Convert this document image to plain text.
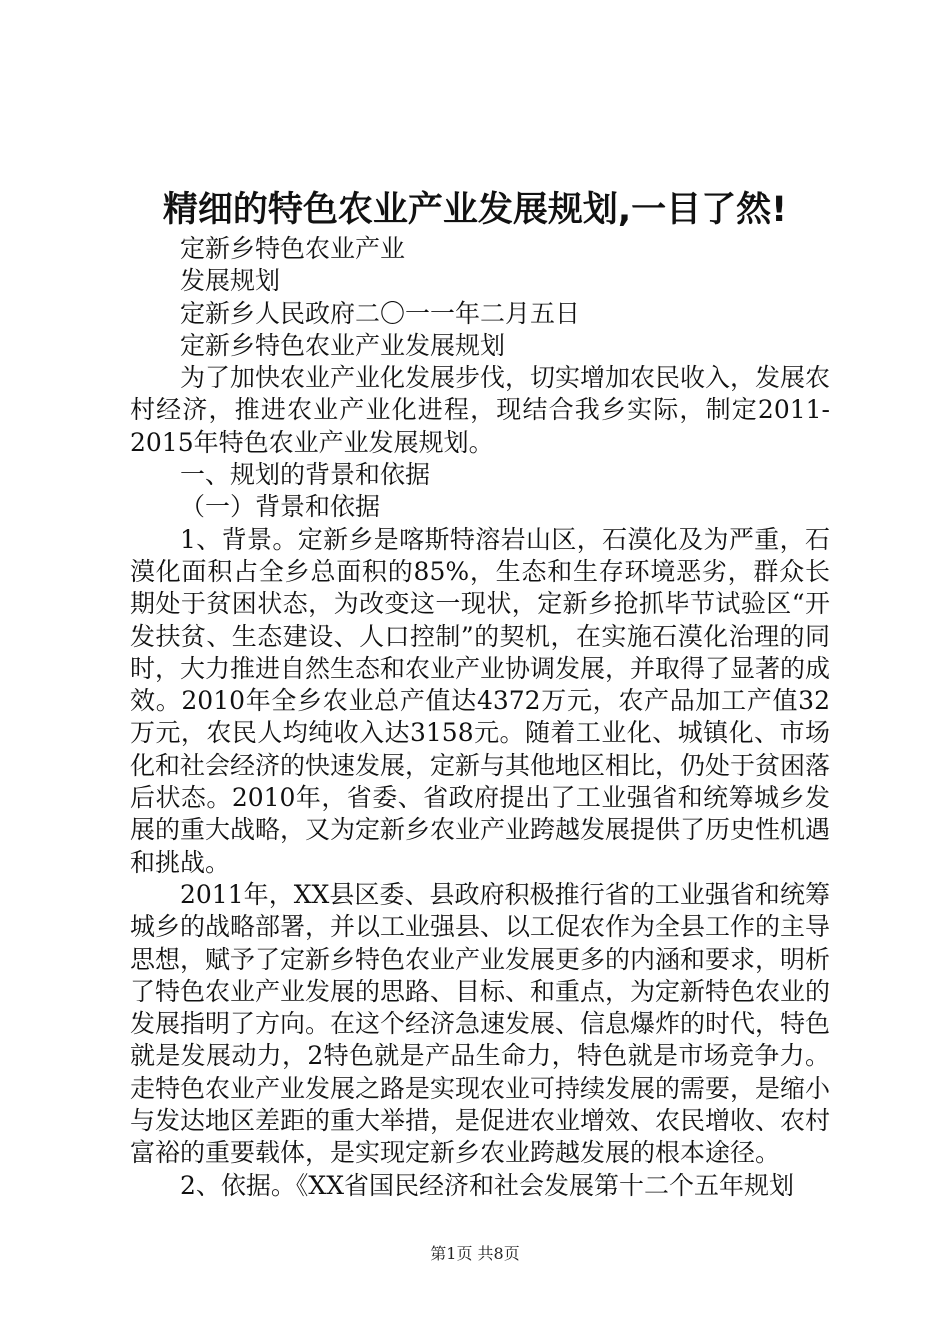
精细的特色农业产业发展规划,一目了然!

定新乡特色农业产业

发展规划

定新乡人民政府二〇一一年二月五日

定新乡特色农业产业发展规划

为了加快农业产业化发展步伐，切实增加农民收入，发展农村经济，推进农业产业化进程，现结合我乡实际，制定2011-2015年特色农业产业发展规划。

一、规划的背景和依据

（一）背景和依据

1、背景。定新乡是喀斯特溶岩山区，石漠化及为严重，石漠化面积占全乡总面积的85%，生态和生存环境恶劣，群众长期处于贫困状态，为改变这一现状，定新乡抢抓毕节试验区“开发扶贫、生态建设、人口控制”的契机，在实施石漠化治理的同时，大力推进自然生态和农业产业协调发展，并取得了显著的成效。2010年全乡农业总产值达4372万元，农产品加工产值32万元，农民人均纯收入达3158元。随着工业化、城镇化、市场化和社会经济的快速发展，定新与其他地区相比，仍处于贫困落后状态。2010年，省委、省政府提出了工业强省和统筹城乡发展的重大战略，又为定新乡农业产业跨越发展提供了历史性机遇和挑战。

2011年，XX县区委、县政府积极推行省的工业强省和统筹城乡的战略部署，并以工业强县、以工促农作为全县工作的主导思想，赋予了定新乡特色农业产业发展更多的内涵和要求，明析了特色农业产业发展的思路、目标、和重点，为定新特色农业的发展指明了方向。在这个经济急速发展、信息爆炸的时代，特色就是发展动力，2特色就是产品生命力，特色就是市场竞争力。走特色农业产业发展之路是实现农业可持续发展的需要，是缩小与发达地区差距的重大举措，是促进农业增效、农民增收、农村富裕的重要载体，是实现定新乡农业跨越发展的根本途径。

2、依据。《XX省国民经济和社会发展第十二个五年规划

第1页 共8页
